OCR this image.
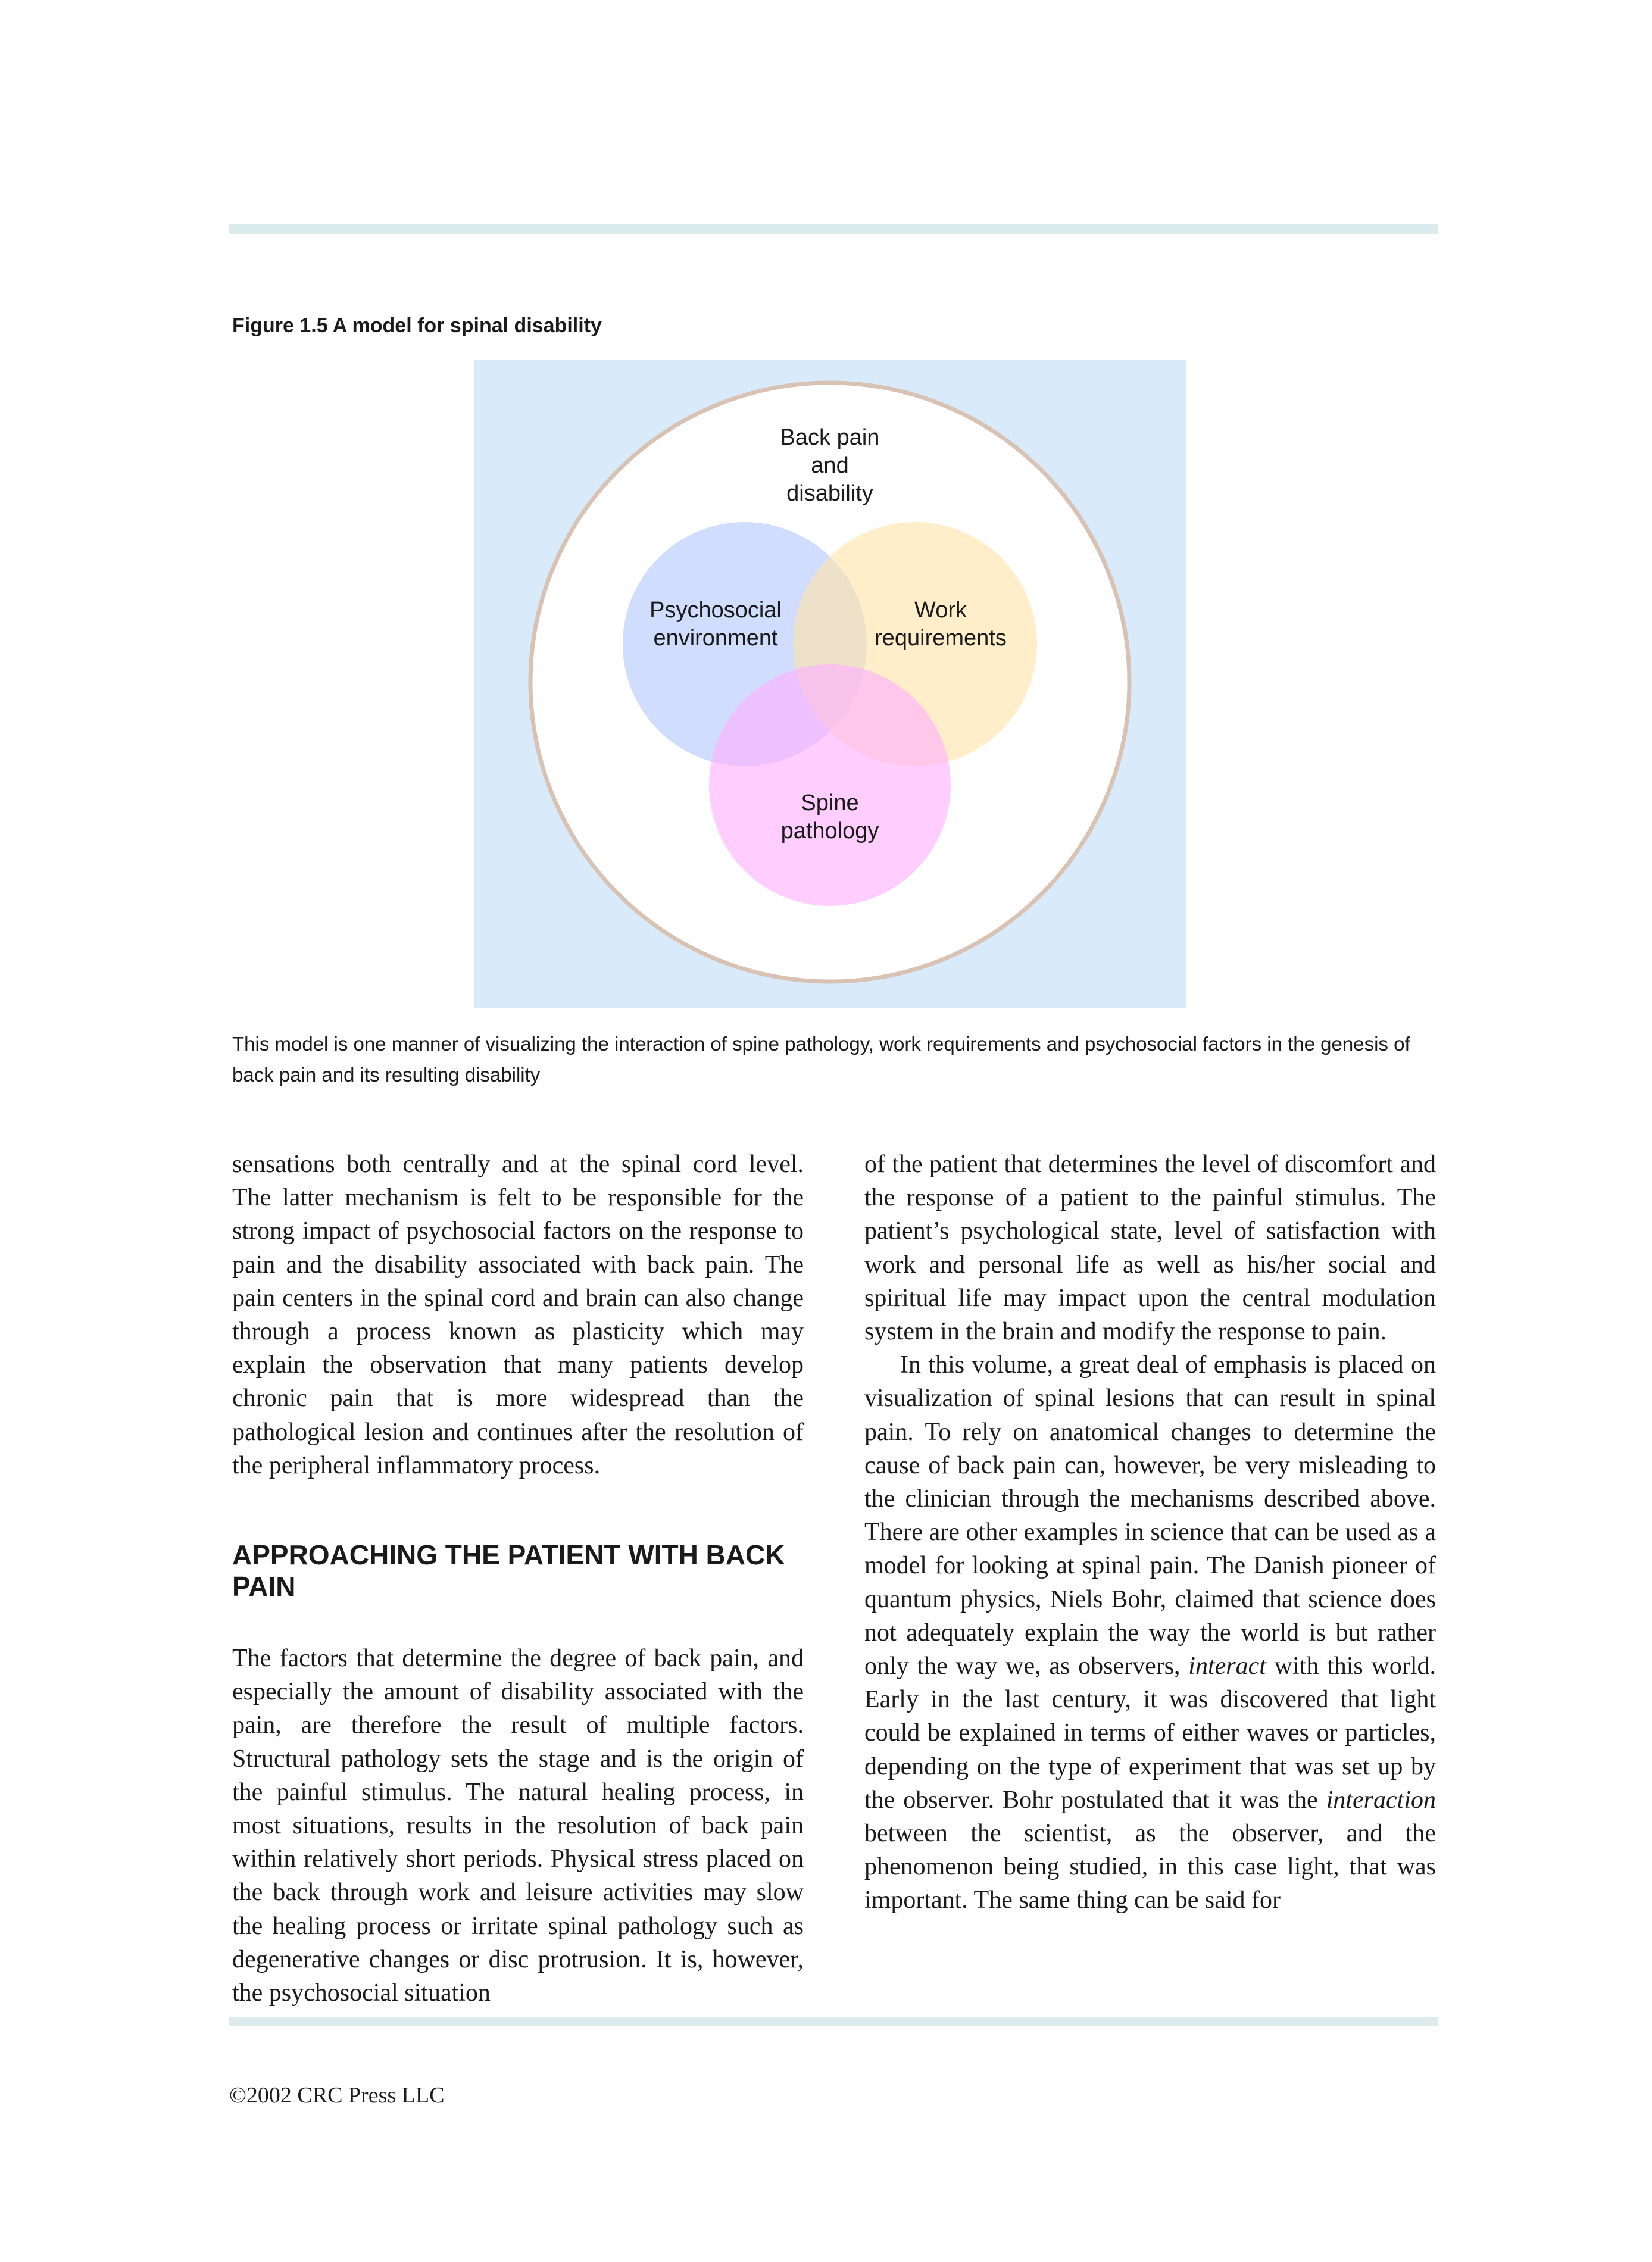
Figure 1.5 A model for spinal disability
Back pain
and
disability
Psychosocial
environment
Work
requirements
Spine
pathology
This model is one manner of visualizing the interaction of spine pathology, work requirements and psychosocial factors in the genesis of back pain and its resulting disability

sensations both centrally and at the spinal cord level. The latter mechanism is felt to be responsible for the strong impact of psychosocial factors on the response to pain and the disability associated with back pain. The pain centers in the spinal cord and brain can also change through a process known as plasticity which may explain the observation that many patients develop chronic pain that is more widespread than the pathological lesion and continues after the resolution of the peripheral inflammatory process.

APPROACHING THE PATIENT WITH BACK PAIN

The factors that determine the degree of back pain, and especially the amount of disability associated with the pain, are therefore the result of multiple factors. Structural pathology sets the stage and is the origin of the painful stimulus. The natural healing process, in most situations, results in the resolution of back pain within relatively short periods. Physical stress placed on the back through work and leisure activities may slow the healing process or irritate spinal pathology such as degenerative changes or disc protrusion. It is, however, the psychosocial situation

of the patient that determines the level of discomfort and the response of a patient to the painful stimulus. The patient’s psychological state, level of satisfaction with work and personal life as well as his/her social and spiritual life may impact upon the central modulation system in the brain and modify the response to pain.

In this volume, a great deal of emphasis is placed on visualization of spinal lesions that can result in spinal pain. To rely on anatomical changes to determine the cause of back pain can, however, be very misleading to the clinician through the mechanisms described above. There are other examples in science that can be used as a model for looking at spinal pain. The Danish pioneer of quantum physics, Niels Bohr, claimed that science does not adequately explain the way the world is but rather only the way we, as observers, interact with this world. Early in the last century, it was discovered that light could be explained in terms of either waves or particles, depending on the type of experiment that was set up by the observer. Bohr postulated that it was the interaction between the scientist, as the observer, and the phenomenon being studied, in this case light, that was important. The same thing can be said for

©2002 CRC Press LLC
